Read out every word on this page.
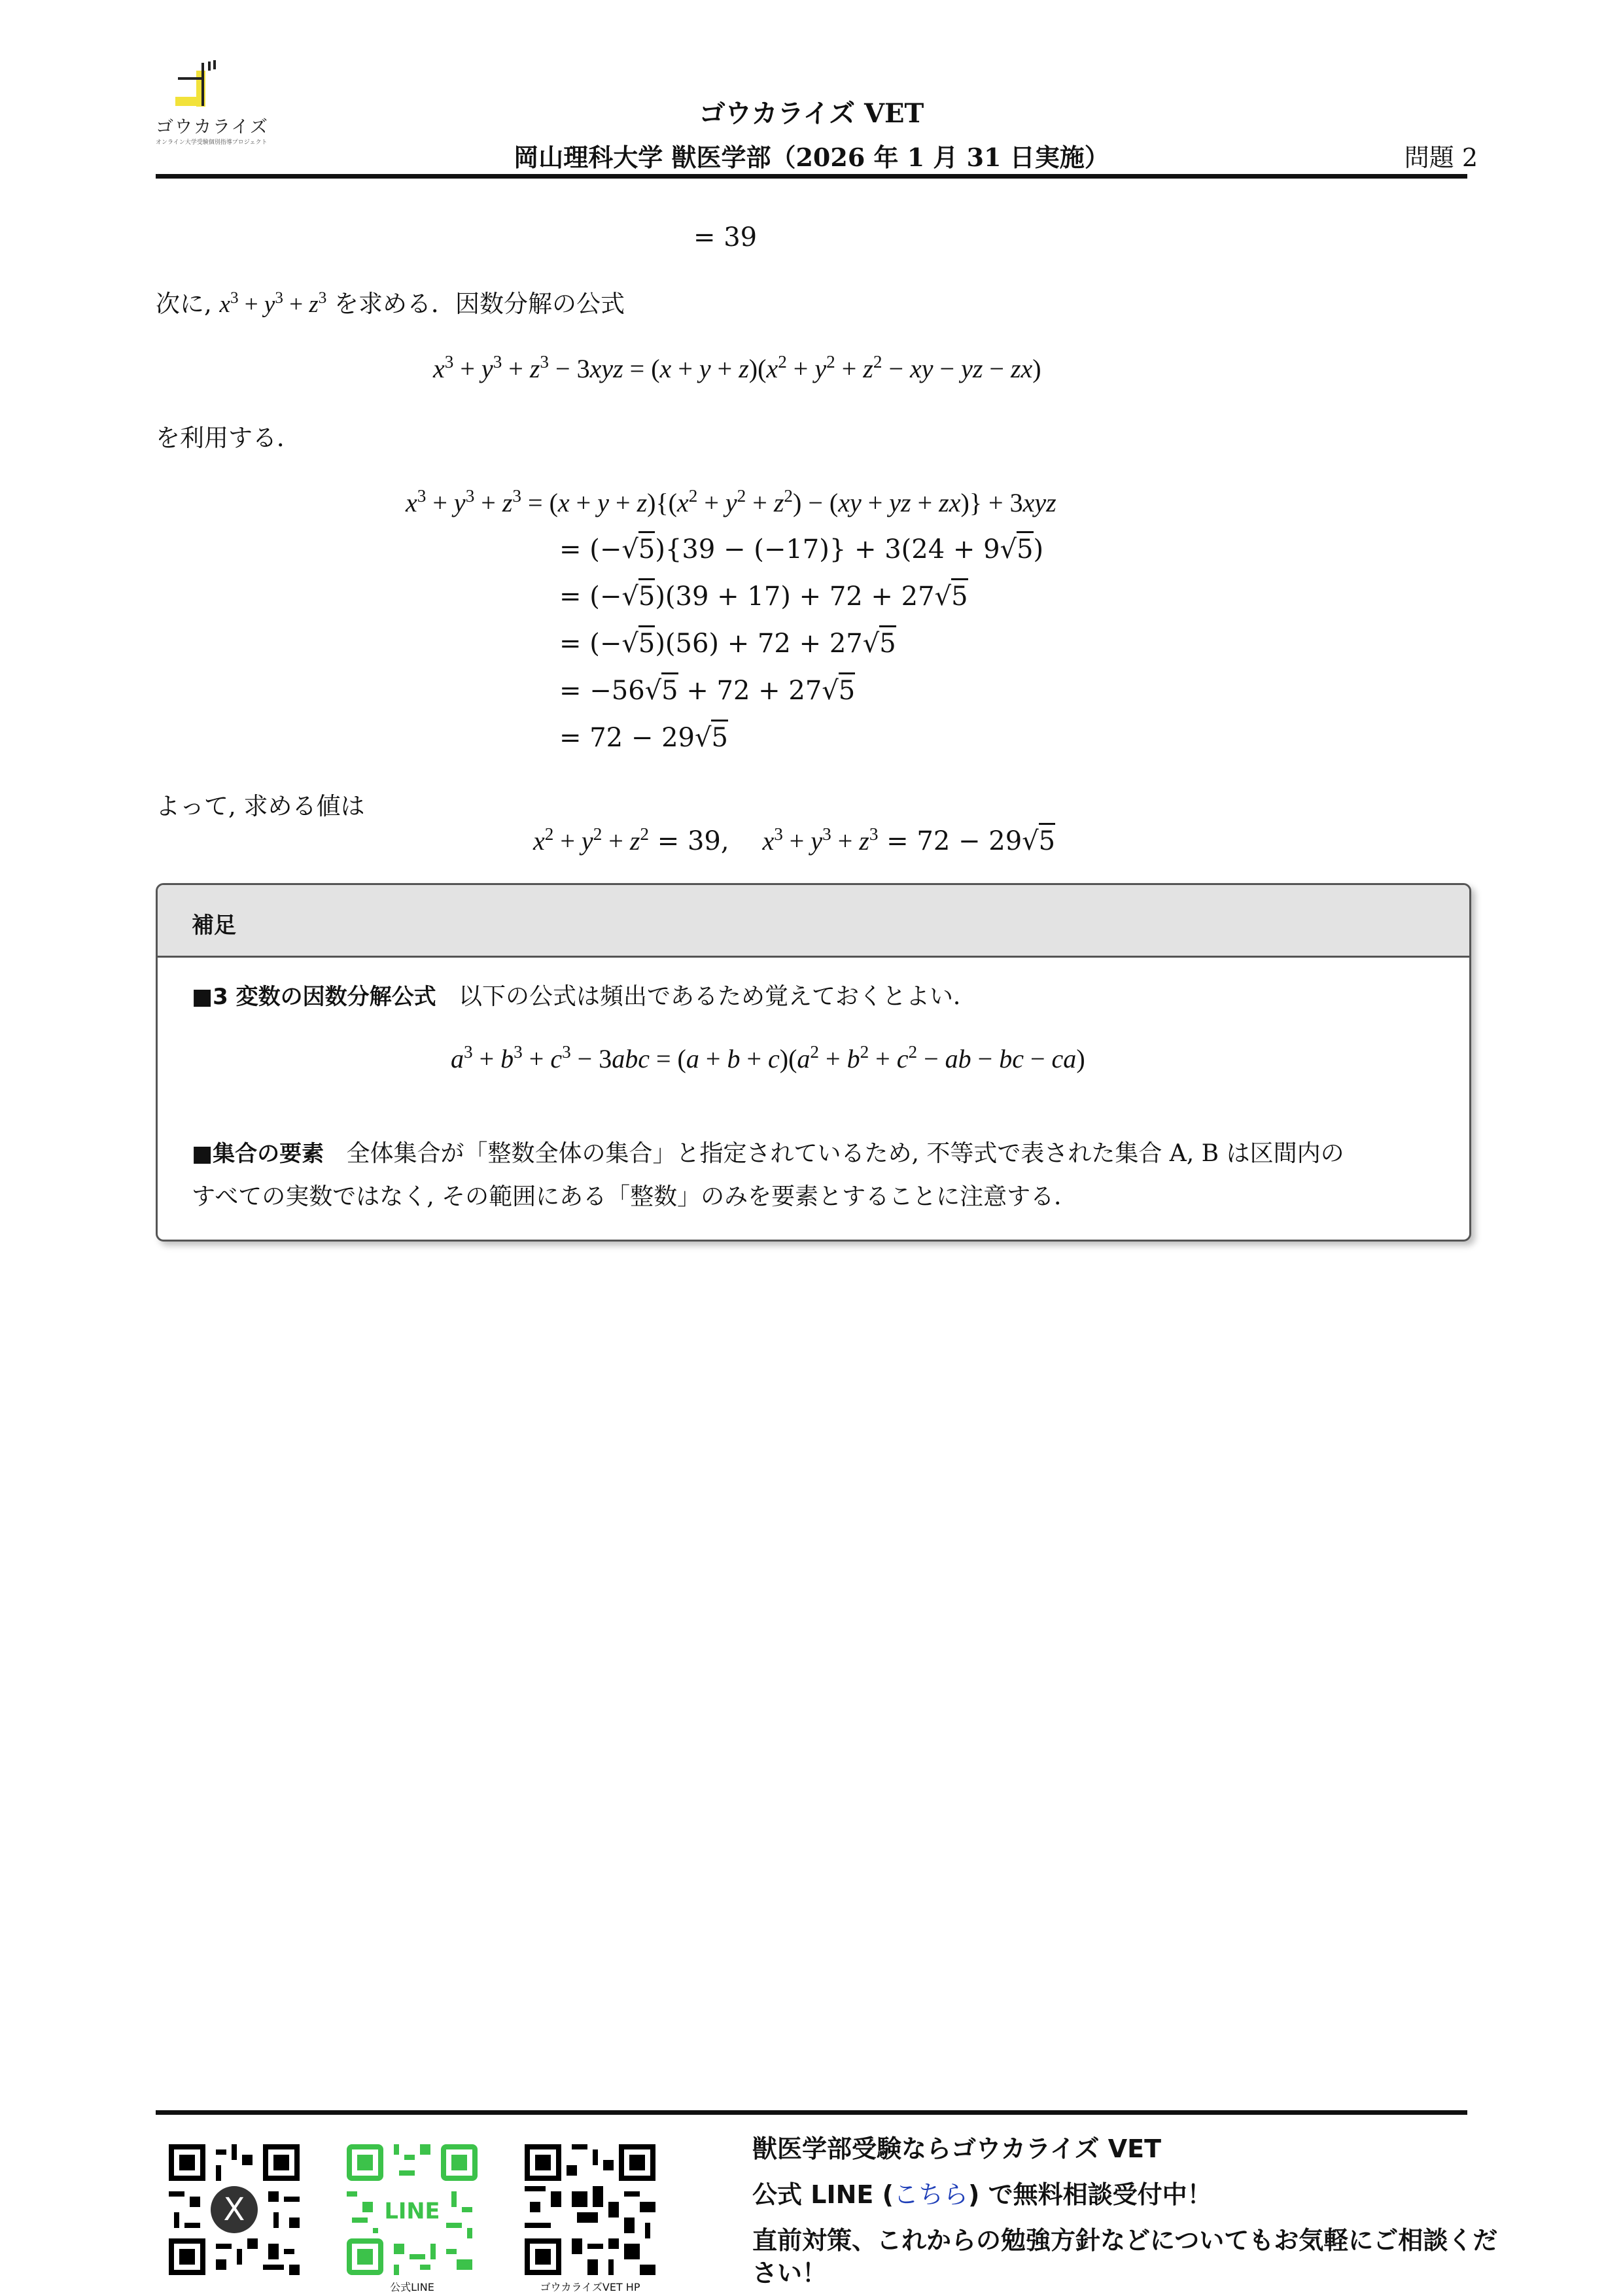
ゴウカライズ
オンライン大学受験個別指導プロジェクト
ゴウカライズ VET
岡山理科大学 獣医学部（2026 年 1 月 31 日実施）	問題 2
= 39
次に, $x^3 + y^3 + z^3$ を求める．因数分解の公式
$x^3 + y^3 + z^3 - 3xyz = (x + y + z)(x^2 + y^2 + z^2$ − xy − yz − zx)
を利用する．
$x^3 + y^3 + z^3 = (x + y + z)\{(x^2 + y^2 + z^2) - (xy$ + yz + zx)} + 3xyz
= (−√5){39 − (−17)} + 3(24 + 9√5)
= (−√5)(39 + 17) + 72 + 27√5
= (−√5)(56) + 72 + 27√5
= −56√5 + 72 + 27√5
= 72 − 29√5
よって, 求める値は
$x^2 + y^2 + z^2 = 39$, $x^3 + y^3 + z^3 = 72 - 29√5$
補足
■3 変数の因数分解公式 以下の公式は頻出であるため覚えておくとよい．
$a^3 + b^3 + c^3 - 3abc = (a + b + c)(a^2 + b^2 + c^2$ − ab − bc − ca)
■集合の要素 全体集合が「整数全体の集合」と指定されているため, 不等式で表された集合 A, B は区間内の
すべての実数ではなく, その範囲にある「整数」のみを要素とすることに注意する．
X	LINE
公式LINE	ゴウカライズVET HP
獣医学部受験ならゴウカライズ VET
公式 LINE (こちら) で無料相談受付中！
直前対策、これからの勉強方針などについてもお気軽にご相談くだ
さい！
